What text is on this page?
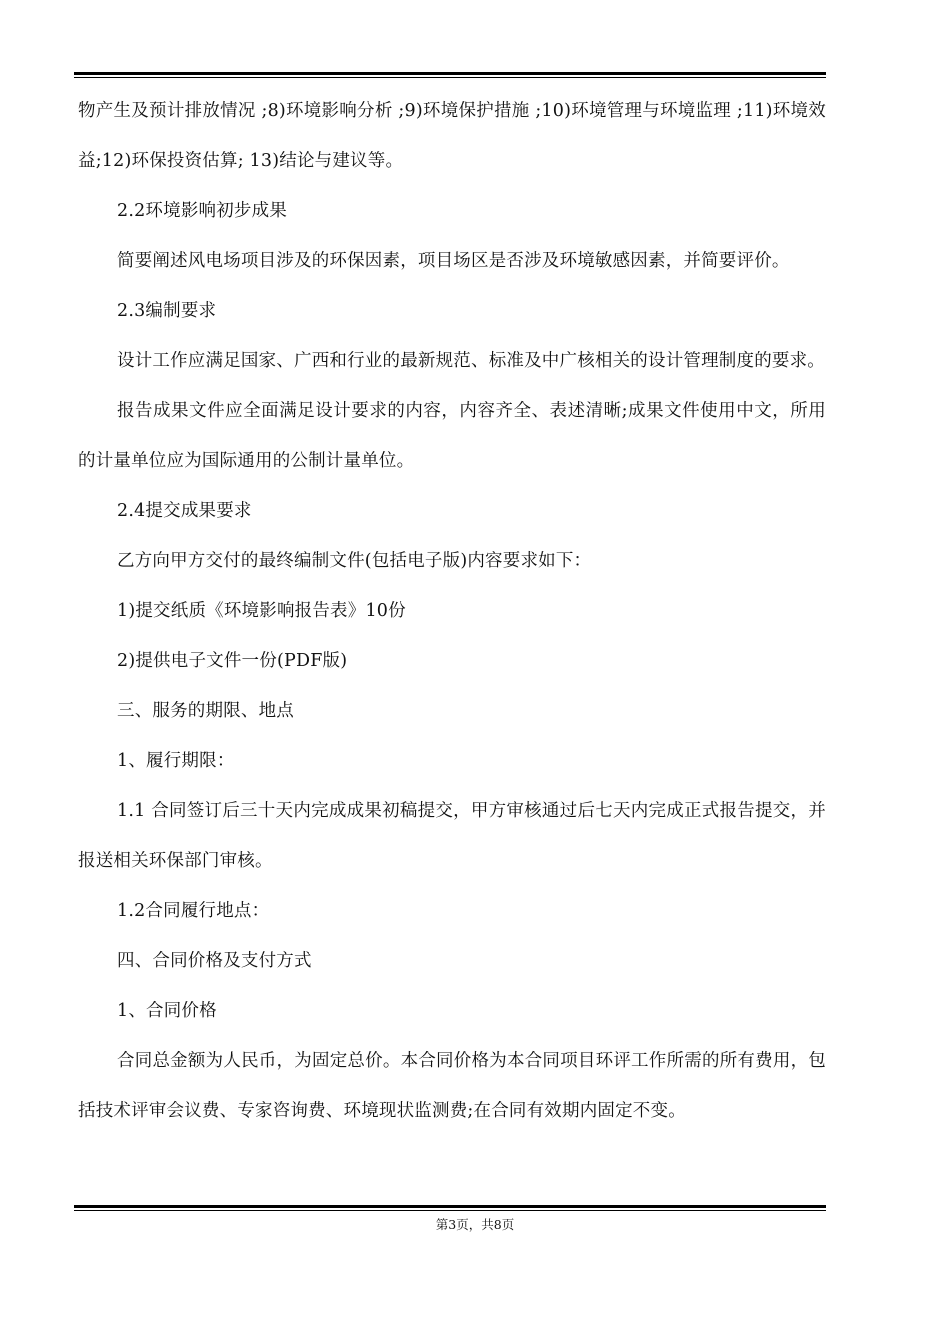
物产生及预计排放情况 ;8)环境影响分析 ;9)环境保护措施 ;10)环境管理与环境监理 ;11)环境效益;12)环保投资估算; 13)结论与建议等。

2.2环境影响初步成果

简要阐述风电场项目涉及的环保因素，项目场区是否涉及环境敏感因素，并简要评价。

2.3编制要求

设计工作应满足国家、广西和行业的最新规范、标准及中广核相关的设计管理制度的要求。

报告成果文件应全面满足设计要求的内容，内容齐全、表述清晰;成果文件使用中文，所用的计量单位应为国际通用的公制计量单位。

2.4提交成果要求

乙方向甲方交付的最终编制文件(包括电子版)内容要求如下：

1)提交纸质《环境影响报告表》10份

2)提供电子文件一份(PDF版)

三、服务的期限、地点

1、履行期限：

1.1 合同签订后三十天内完成成果初稿提交，甲方审核通过后七天内完成正式报告提交，并报送相关环保部门审核。

1.2合同履行地点：

四、合同价格及支付方式

1、合同价格

合同总金额为人民币，为固定总价。本合同价格为本合同项目环评工作所需的所有费用，包括技术评审会议费、专家咨询费、环境现状监测费;在合同有效期内固定不变。

第3页，共8页
